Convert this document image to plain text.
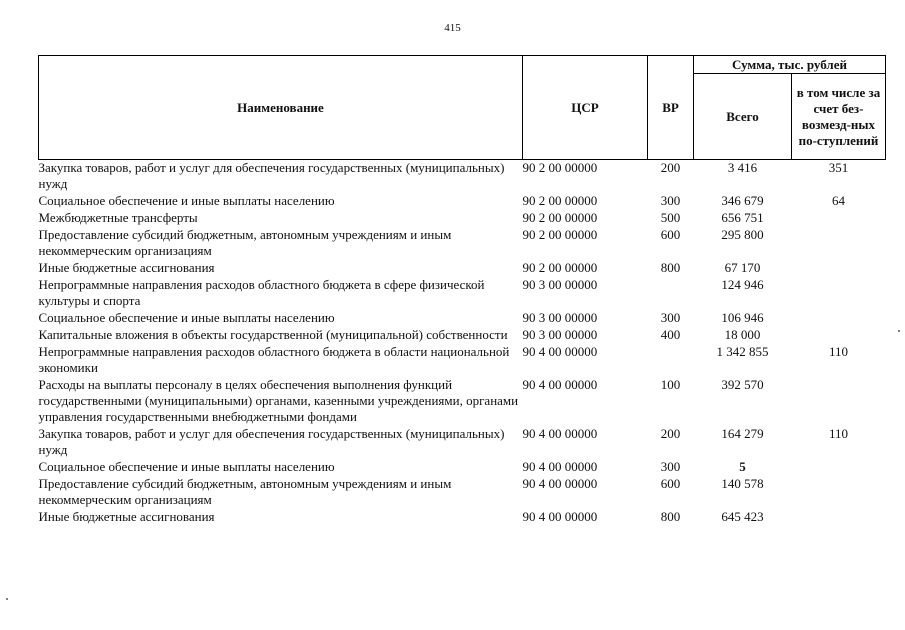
415
Наименование	ЦСР	ВР	Сумма, тыс. рублей	
			Всего	в том числе за счет без-возмезд-ных по-ступлений
Закупка товаров, работ и услуг для обеспечения государственных (муниципальных) нужд	90 2 00 00000	200	3 416	351
Социальное обеспечение и иные выплаты населению	90 2 00 00000	300	346 679	64
Межбюджетные трансферты	90 2 00 00000	500	656 751	
Предоставление субсидий бюджетным, автономным учреждениям и иным некоммерческим организациям	90 2 00 00000	600	295 800	
Иные бюджетные ассигнования	90 2 00 00000	800	67 170	
Непрограммные направления расходов областного бюджета в сфере физической культуры и спорта	90 3 00 00000		124 946	
Социальное обеспечение и иные выплаты населению	90 3 00 00000	300	106 946	
Капитальные вложения в объекты государственной (муниципальной) собственности	90 3 00 00000	400	18 000	
Непрограммные направления расходов областного бюджета в области национальной экономики	90 4 00 00000		1 342 855	110
Расходы на выплаты персоналу в целях обеспечения выполнения функций государственными (муниципальными) органами, казенными учреждениями, органами управления государственными внебюджетными фондами	90 4 00 00000	100	392 570	
Закупка товаров, работ и услуг для обеспечения государственных (муниципальных) нужд	90 4 00 00000	200	164 279	110
Социальное обеспечение и иные выплаты населению	90 4 00 00000	300	5	
Предоставление субсидий бюджетным, автономным учреждениям и иным некоммерческим организациям	90 4 00 00000	600	140 578	
Иные бюджетные ассигнования	90 4 00 00000	800	645 423	
